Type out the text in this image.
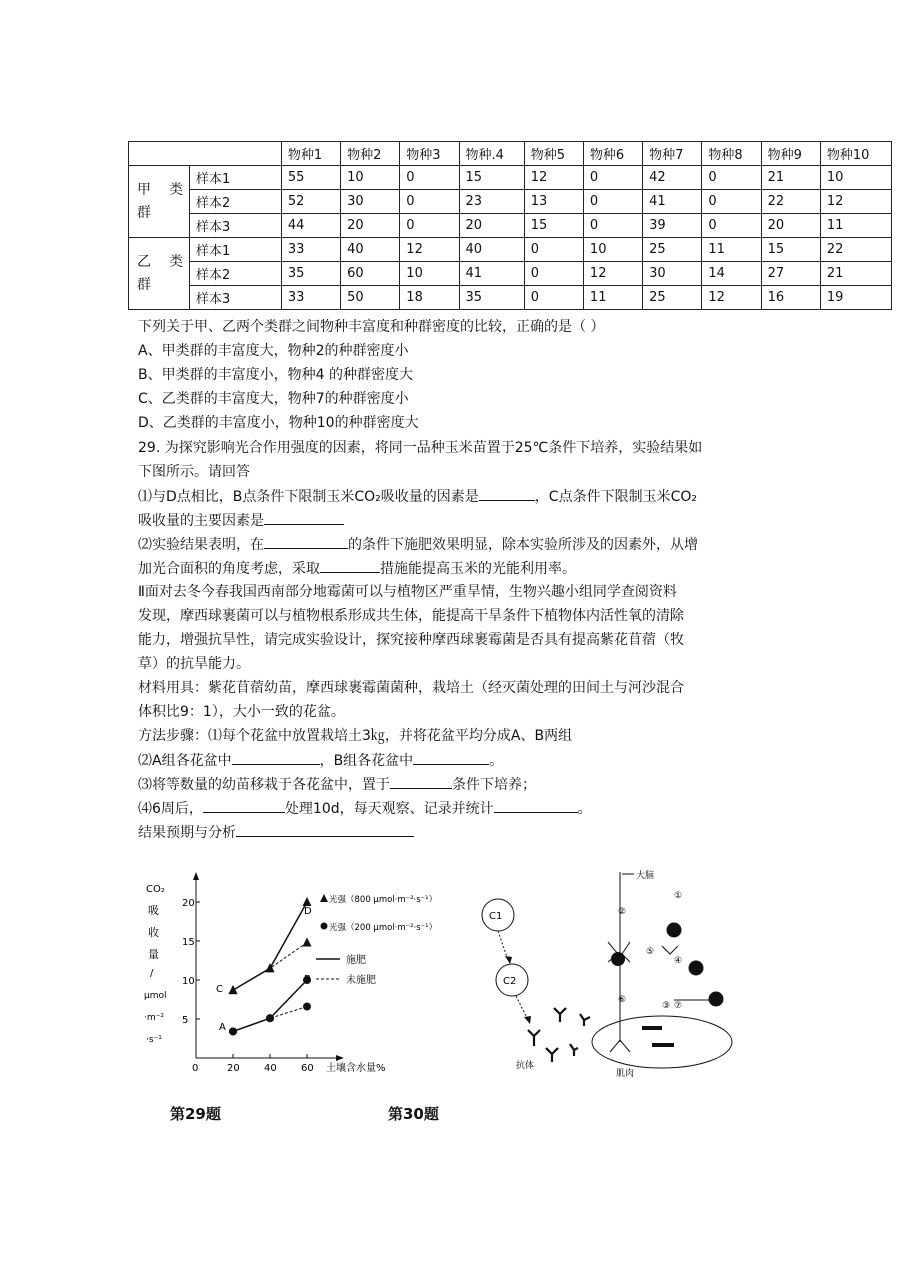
		物种1	物种2	物种3	物种.4	物种5	物种6	物种7	物种8	物种9	物种10

甲 类
群	样本1	55	10	0	15	12	0	42	0	21	10
	样本2	52	30	0	23	13	0	41	0	22	12
	样本3	44	20	0	20	15	0	39	0	20	11

乙 类
群	样本1	33	40	12	40	0	10	25	11	15	22
	样本2	35	60	10	41	0	12	30	14	27	21
	样本3	33	50	18	35	0	11	25	12	16	19
下列关于甲、乙两个类群之间物种丰富度和种群密度的比较，正确的是（ ）
A、甲类群的丰富度大，物种2的种群密度小
B、甲类群的丰富度小，物种4 的种群密度大
C、乙类群的丰富度大，物种7的种群密度小
D、乙类群的丰富度小，物种10的种群密度大
29. 为探究影响光合作用强度的因素，将同一品种玉米苗置于25℃条件下培养，实验结果如
下图所示。请回答
⑴与D点相比，B点条件下限制玉米CO₂吸收量的因素是	，C点条件下限制玉米CO₂
吸收量的主要因素是
⑵实验结果表明，在	的条件下施肥效果明显，除本实验所涉及的因素外，从增
加光合面积的角度考虑，采取	措施能提高玉米的光能利用率。
Ⅱ面对去冬今春我国西南部分地霉菌可以与植物区严重旱情，生物兴趣小组同学查阅资料
发现，摩西球裹菌可以与植物根系形成共生体，能提高干旱条件下植物体内活性氧的清除
能力，增强抗旱性，请完成实验设计，探究接种摩西球裹霉菌是否具有提高紫花苜蓿（牧
草）的抗旱能力。
材料用具：紫花苜蓿幼苗，摩西球裹霉菌菌种，栽培土（经灭菌处理的田间土与河沙混合
体积比9：1），大小一致的花盆。
方法步骤：⑴每个花盆中放置栽培土3㎏，并将花盆平均分成A、B两组
⑵A组各花盆中	，B组各花盆中	。
⑶将等数量的幼苗移栽于各花盆中，置于	条件下培养；
⑷6周后，	处理10d，每天观察、记录并统计	。
结果预期与分析
CO₂
吸
收
量
/
μmol
·m⁻²
·s⁻¹
5
10
15
20
0	20 40 60 土壤含水量%
A
B
C
D
光强（800 μmol·m⁻²·s⁻¹）
光强（200 μmol·m⁻²·s⁻¹）
施肥
未施肥
C1
C2
抗体
大脑
①
②
⑤
④
⑥
③ ⑦
肌肉
第29题	第30题
